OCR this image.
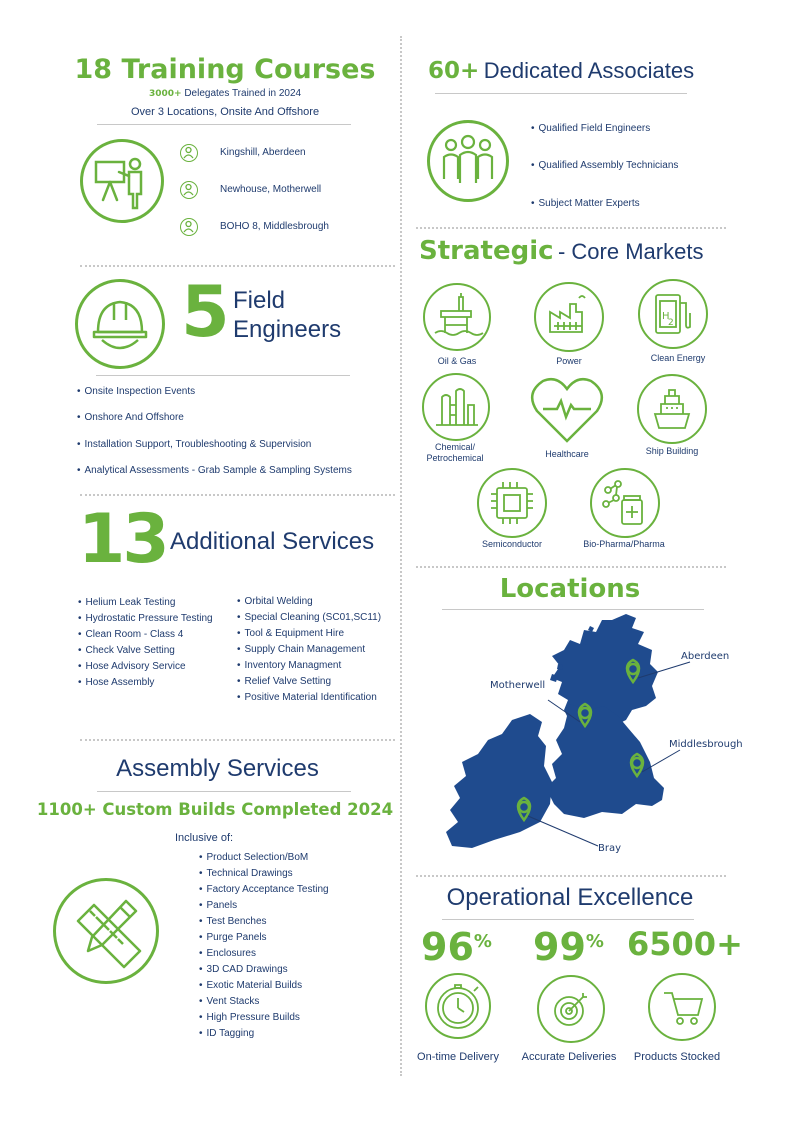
18 Training Courses
3000+ Delegates Trained in 2024
Over 3 Locations, Onsite And Offshore
Kingshill, Aberdeen
Newhouse, Motherwell
BOHO 8, Middlesbrough
60+ Dedicated Associates
• Qualified Field Engineers
• Qualified Assembly Technicians
• Subject Matter Experts
5 Field
Engineers
• Onsite Inspection Events
• Onshore And Offshore
• Installation Support, Troubleshooting & Supervision
• Analytical Assessments - Grab Sample & Sampling Systems
Strategic - Core Markets
Oil & Gas	Power
H
2
Clean Energy
Chemical/ Petrochemical	Healthcare	Ship Building
Semiconductor	Bio-Pharma/Pharma
13 Additional Services
• Helium Leak Testing
• Hydrostatic Pressure Testing
• Clean Room - Class 4
• Check Valve Setting
• Hose Advisory Service
• Hose Assembly
• Orbital Welding
• Special Cleaning (SC01,SC11)
• Tool & Equipment Hire
• Supply Chain Management
• Inventory Managment
• Relief Valve Setting
• Positive Material Identification
Locations
Aberdeen
Motherwell
Middlesbrough
Bray
Assembly Services
1100+ Custom Builds Completed 2024
Inclusive of:
• Product Selection/BoM
• Technical Drawings
• Factory Acceptance Testing
• Panels
• Test Benches
• Purge Panels
• Enclosures
• 3D CAD Drawings
• Exotic Material Builds
• Vent Stacks
• High Pressure Builds
• ID Tagging
Operational Excellence
96% 99% 6500+
On-time Delivery	Accurate Deliveries	Products Stocked
